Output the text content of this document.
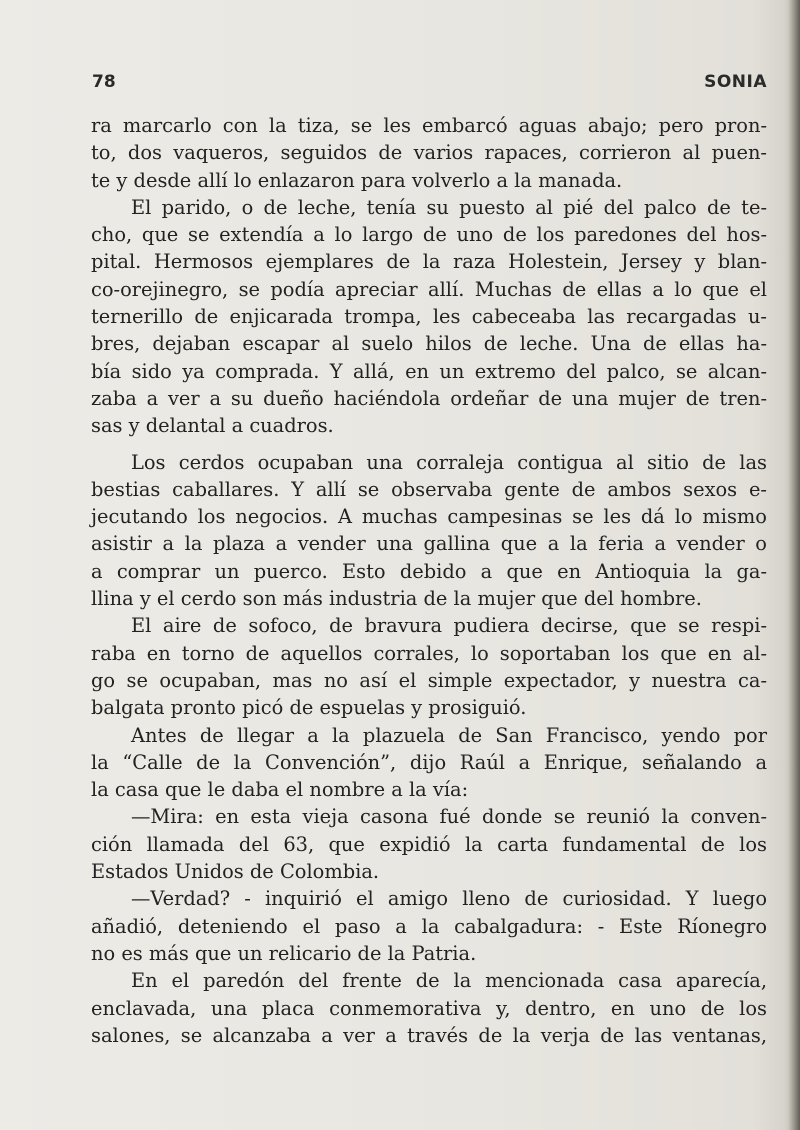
78	SONIA

ra marcarlo con la tiza, se les embarcó aguas abajo; pero pron-

to, dos vaqueros, seguidos de varios rapaces, corrieron al puen-

te y desde allí lo enlazaron para volverlo a la manada.

El parido, o de leche, tenía su puesto al pié del palco de te-

cho, que se extendía a lo largo de uno de los paredones del hos-

pital. Hermosos ejemplares de la raza Holestein, Jersey y blan-

co-orejinegro, se podía apreciar allí. Muchas de ellas a lo que el

ternerillo de enjicarada trompa, les cabeceaba las recargadas u-

bres, dejaban escapar al suelo hilos de leche. Una de ellas ha-

bía sido ya comprada. Y allá, en un extremo del palco, se alcan-

zaba a ver a su dueño haciéndola ordeñar de una mujer de tren-

sas y delantal a cuadros.

Los cerdos ocupaban una corraleja contigua al sitio de las

bestias caballares. Y allí se observaba gente de ambos sexos e-

jecutando los negocios. A muchas campesinas se les dá lo mismo

asistir a la plaza a vender una gallina que a la feria a vender o

a comprar un puerco. Esto debido a que en Antioquia la ga-

llina y el cerdo son más industria de la mujer que del hombre.

El aire de sofoco, de bravura pudiera decirse, que se respi-

raba en torno de aquellos corrales, lo soportaban los que en al-

go se ocupaban, mas no así el simple expectador, y nuestra ca-

balgata pronto picó de espuelas y prosiguió.

Antes de llegar a la plazuela de San Francisco, yendo por

la “Calle de la Convención”, dijo Raúl a Enrique, señalando a

la casa que le daba el nombre a la vía:

—Mira: en esta vieja casona fué donde se reunió la conven-

ción llamada del 63, que expidió la carta fundamental de los

Estados Unidos de Colombia.

—Verdad? - inquirió el amigo lleno de curiosidad. Y luego

añadió, deteniendo el paso a la cabalgadura: - Este Ríonegro

no es más que un relicario de la Patria.

En el paredón del frente de la mencionada casa aparecía,

enclavada, una placa conmemorativa y, dentro, en uno de los

salones, se alcanzaba a ver a través de la verja de las ventanas,
